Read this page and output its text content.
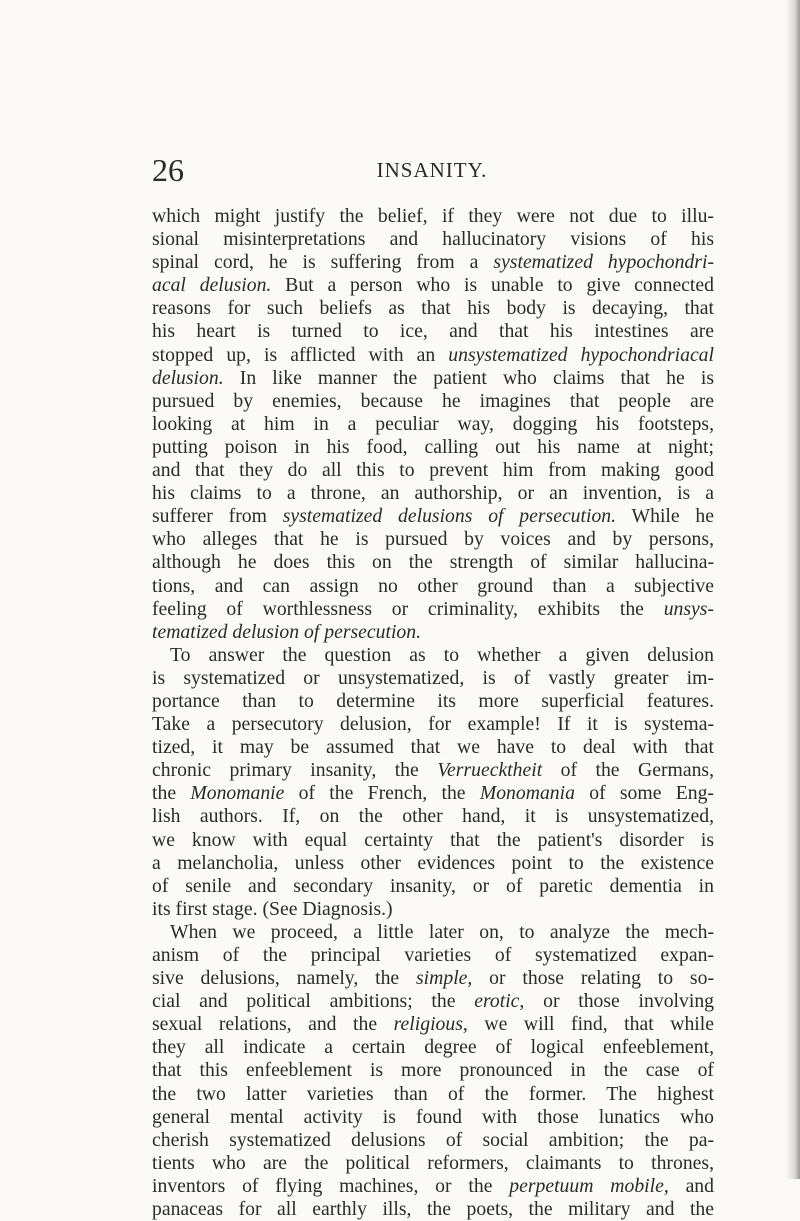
26	INSANITY.
which might justify the belief, if they were not due to illu-
sional misinterpretations and hallucinatory visions of his
spinal cord, he is suffering from a systematized hypochondri-
acal delusion. But a person who is unable to give connected
reasons for such beliefs as that his body is decaying, that
his heart is turned to ice, and that his intestines are
stopped up, is afflicted with an unsystematized hypochondriacal
delusion. In like manner the patient who claims that he is
pursued by enemies, because he imagines that people are
looking at him in a peculiar way, dogging his footsteps,
putting poison in his food, calling out his name at night;
and that they do all this to prevent him from making good
his claims to a throne, an authorship, or an invention, is a
sufferer from systematized delusions of persecution. While he
who alleges that he is pursued by voices and by persons,
although he does this on the strength of similar hallucina-
tions, and can assign no other ground than a subjective
feeling of worthlessness or criminality, exhibits the unsys-
tematized delusion of persecution.
To answer the question as to whether a given delusion
is systematized or unsystematized, is of vastly greater im-
portance than to determine its more superficial features.
Take a persecutory delusion, for example! If it is systema-
tized, it may be assumed that we have to deal with that
chronic primary insanity, the Verruecktheit of the Germans,
the Monomanie of the French, the Monomania of some Eng-
lish authors. If, on the other hand, it is unsystematized,
we know with equal certainty that the patient's disorder is
a melancholia, unless other evidences point to the existence
of senile and secondary insanity, or of paretic dementia in
its first stage. (See Diagnosis.)
When we proceed, a little later on, to analyze the mech-
anism of the principal varieties of systematized expan-
sive delusions, namely, the simple, or those relating to so-
cial and political ambitions; the erotic, or those involving
sexual relations, and the religious, we will find, that while
they all indicate a certain degree of logical enfeeblement,
that this enfeeblement is more pronounced in the case of
the two latter varieties than of the former. The highest
general mental activity is found with those lunatics who
cherish systematized delusions of social ambition; the pa-
tients who are the political reformers, claimants to thrones,
inventors of flying machines, or the perpetuum mobile, and
panaceas for all earthly ills, the poets, the military and the
